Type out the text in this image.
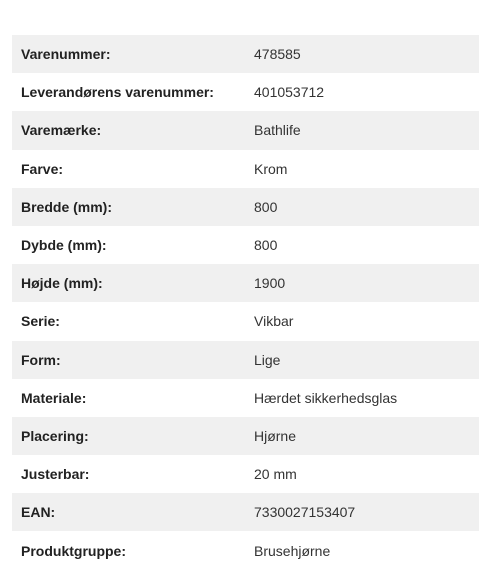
Varenummer:	478585
Leverandørens varenummer:	401053712
Varemærke:	Bathlife
Farve:	Krom
Bredde (mm):	800
Dybde (mm):	800
Højde (mm):	1900
Serie:	Vikbar
Form:	Lige
Materiale:	Hærdet sikkerhedsglas
Placering:	Hjørne
Justerbar:	20 mm
EAN:	7330027153407
Produktgruppe:	Brusehjørne
